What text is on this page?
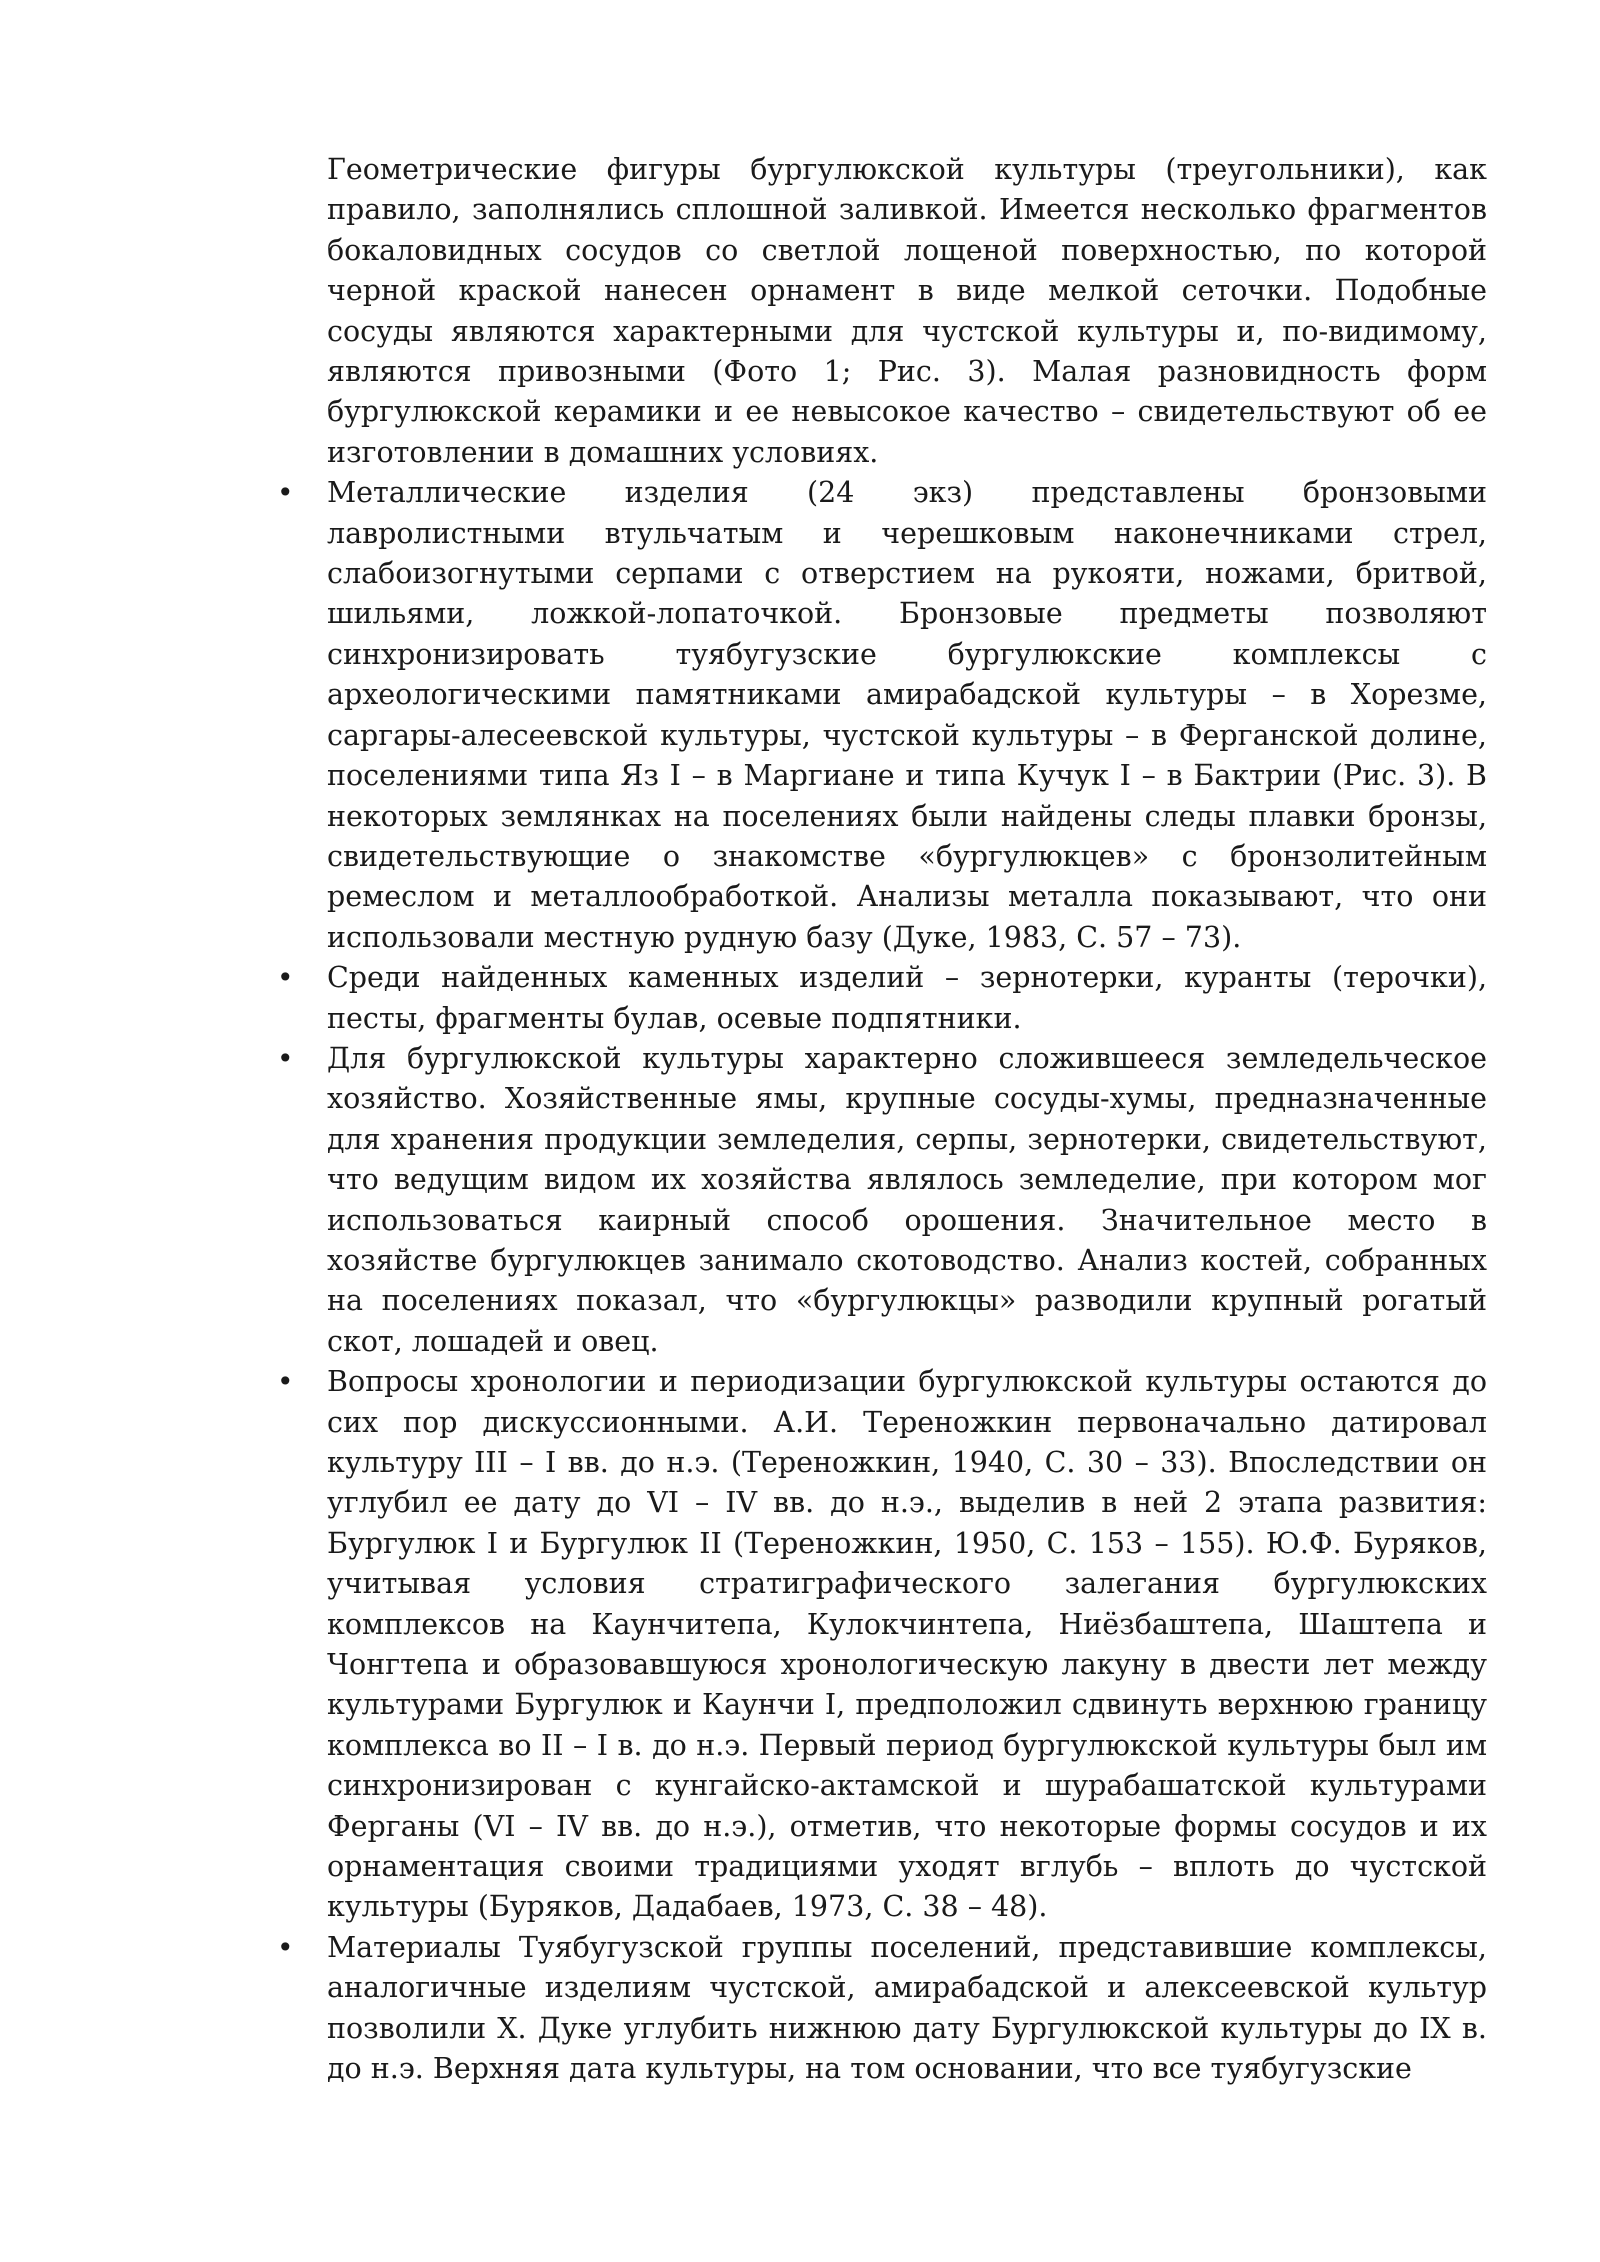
Геометрические фигуры бургулюкской культуры (треугольники), как правило, заполнялись сплошной заливкой. Имеется несколько фрагментов бокаловидных сосудов со светлой лощеной поверхностью, по которой черной краской нанесен орнамент в виде мелкой сеточки. Подобные сосуды являются характерными для чустской культуры и, по-видимому, являются привозными (Фото 1; Рис. 3). Малая разновидность форм бургулюкской керамики и ее невысокое качество – свидетельствуют об ее изготовлении в домашних условиях.

• Металлические изделия (24 экз) представлены бронзовыми лавролистными втульчатым и черешковым наконечниками стрел, слабоизогнутыми серпами с отверстием на рукояти, ножами, бритвой, шильями, ложкой-лопаточкой. Бронзовые предметы позволяют синхронизировать туябугузские бургулюкские комплексы с археологическими памятниками амирабадской культуры – в Хорезме, саргары-алесеевской культуры, чустской культуры – в Ферганской долине, поселениями типа Яз I – в Маргиане и типа Кучук I – в Бактрии (Рис. 3). В некоторых землянках на поселениях были найдены следы плавки бронзы, свидетельствующие о знакомстве «бургулюкцев» с бронзолитейным ремеслом и металлообработкой. Анализы металла показывают, что они использовали местную рудную базу (Дуке, 1983, С. 57 – 73).
• Среди найденных каменных изделий – зернотерки, куранты (терочки), песты, фрагменты булав, осевые подпятники.
• Для бургулюкской культуры характерно сложившееся земледельческое хозяйство. Хозяйственные ямы, крупные сосуды-хумы, предназначенные для хранения продукции земледелия, серпы, зернотерки, свидетельствуют, что ведущим видом их хозяйства являлось земледелие, при котором мог использоваться каирный способ орошения. Значительное место в хозяйстве бургулюкцев занимало скотоводство. Анализ костей, собранных на поселениях показал, что «бургулюкцы» разводили крупный рогатый скот, лошадей и овец.
• Вопросы хронологии и периодизации бургулюкской культуры остаются до сих пор дискуссионными. А.И. Тереножкин первоначально датировал культуру III – I вв. до н.э. (Тереножкин, 1940, С. 30 – 33). Впоследствии он углубил ее дату до VI – IV вв. до н.э., выделив в ней 2 этапа развития: Бургулюк I и Бургулюк II (Тереножкин, 1950, С. 153 – 155). Ю.Ф. Буряков, учитывая условия стратиграфического залегания бургулюкских комплексов на Каунчитепа, Кулокчинтепа, Ниёзбаштепа, Шаштепа и Чонгтепа и образовавшуюся хронологическую лакуну в двести лет между культурами Бургулюк и Каунчи I, предположил сдвинуть верхнюю границу комплекса во II – I в. до н.э. Первый период бургулюкской культуры был им синхронизирован с кунгайско-актамской и шурабашатской культурами Ферганы (VI – IV вв. до н.э.), отметив, что некоторые формы сосудов и их орнаментация своими традициями уходят вглубь – вплоть до чустской культуры (Буряков, Дадабаев, 1973, С. 38 – 48).
• Материалы Туябугузской группы поселений, представившие комплексы, аналогичные изделиям чустской, амирабадской и алексеевской культур позволили Х. Дуке углубить нижнюю дату Бургулюкской культуры до IX в. до н.э. Верхняя дата культуры, на том основании, что все туябугузские
